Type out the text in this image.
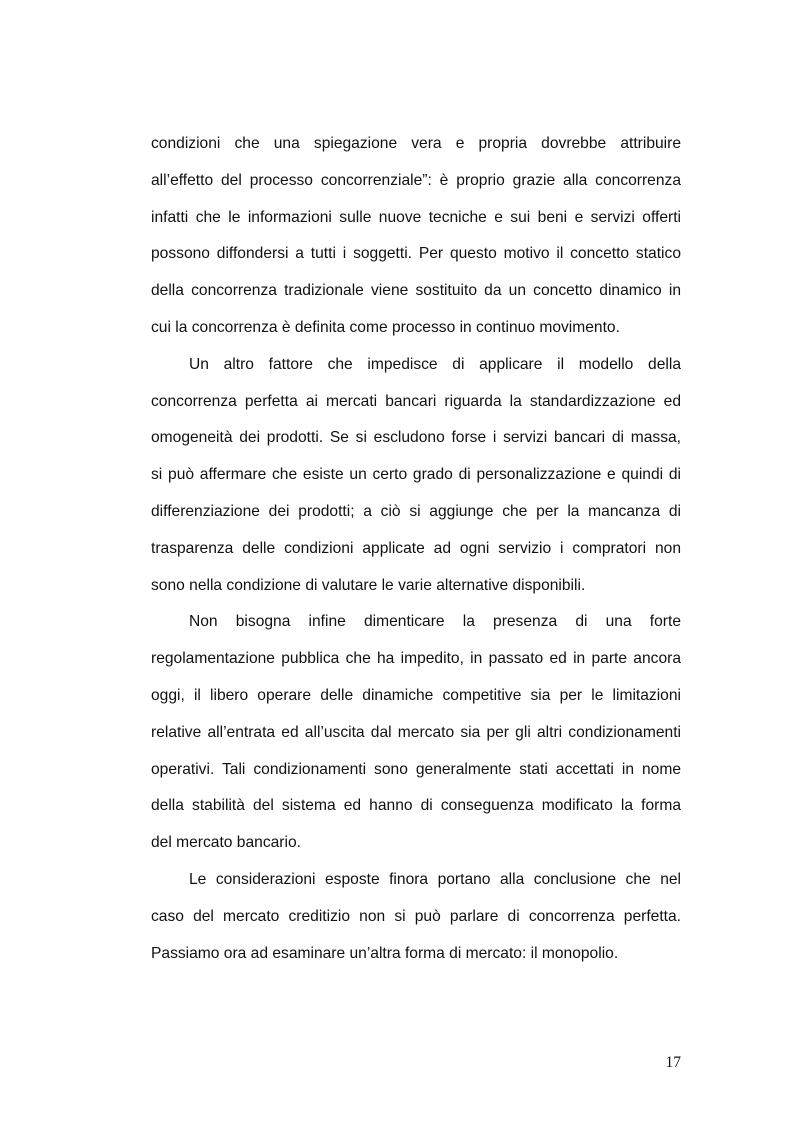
condizioni che una spiegazione vera e propria dovrebbe attribuire
all’effetto del processo concorrenziale”: è proprio grazie alla concorrenza
infatti che le informazioni sulle nuove tecniche e sui beni e servizi offerti
possono diffondersi a tutti i soggetti. Per questo motivo il concetto statico
della concorrenza tradizionale viene sostituito da un concetto dinamico in
cui la concorrenza è definita come processo in continuo movimento.
Un altro fattore che impedisce di applicare il modello della
concorrenza perfetta ai mercati bancari riguarda la standardizzazione ed
omogeneità dei prodotti. Se si escludono forse i servizi bancari di massa,
si può affermare che esiste un certo grado di personalizzazione e quindi di
differenziazione dei prodotti; a ciò si aggiunge che per la mancanza di
trasparenza delle condizioni applicate ad ogni servizio i compratori non
sono nella condizione di valutare le varie alternative disponibili.
Non bisogna infine dimenticare la presenza di una forte
regolamentazione pubblica che ha impedito, in passato ed in parte ancora
oggi, il libero operare delle dinamiche competitive sia per le limitazioni
relative all’entrata ed all’uscita dal mercato sia per gli altri condizionamenti
operativi. Tali condizionamenti sono generalmente stati accettati in nome
della stabilità del sistema ed hanno di conseguenza modificato la forma
del mercato bancario.
Le considerazioni esposte finora portano alla conclusione che nel
caso del mercato creditizio non si può parlare di concorrenza perfetta.
Passiamo ora ad esaminare un’altra forma di mercato: il monopolio.
17
